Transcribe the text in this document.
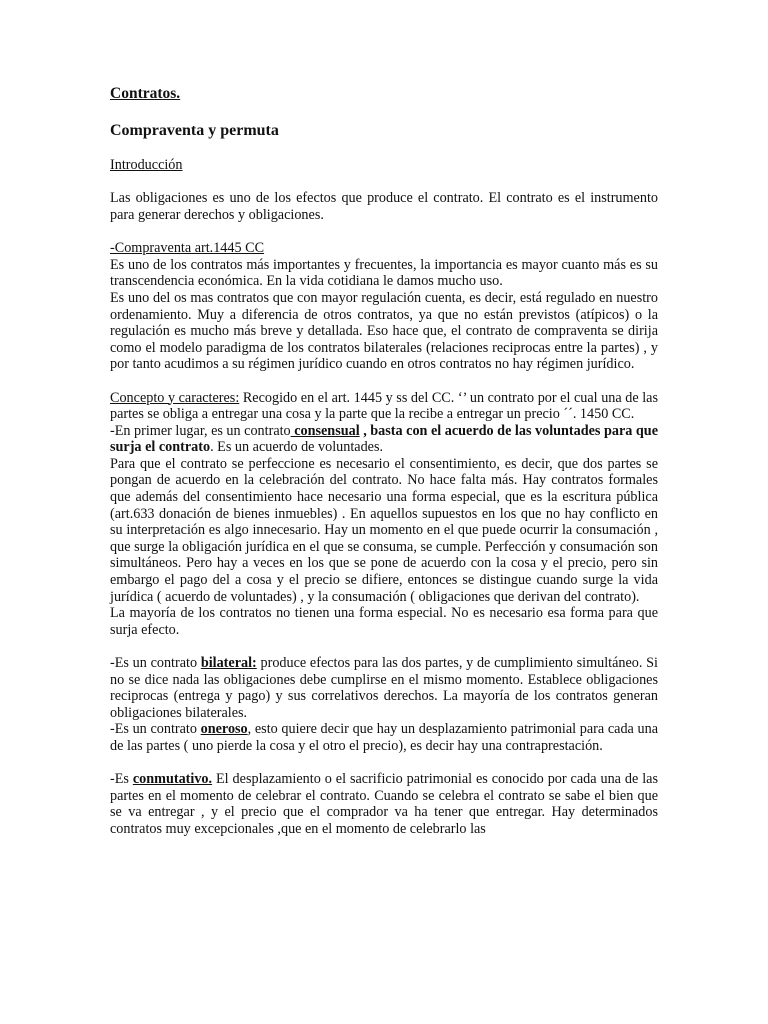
Contratos.
Compraventa y permuta

Introducción

Las obligaciones es uno de los efectos que produce el contrato. El contrato es el instrumento para generar derechos y obligaciones.

-Compraventa art.1445 CC

Es uno de los contratos más importantes y frecuentes, la importancia es mayor cuanto más es su transcendencia económica. En la vida cotidiana le damos mucho uso.

Es uno del os mas contratos que con mayor regulación cuenta, es decir, está regulado en nuestro ordenamiento. Muy a diferencia de otros contratos, ya que no están previstos (atípicos) o la regulación es mucho más breve y detallada. Eso hace que, el contrato de compraventa se dirija como el modelo paradigma de los contratos bilaterales (relaciones reciprocas entre la partes) , y por tanto acudimos a su régimen jurídico cuando en otros contratos no hay régimen jurídico.

Concepto y caracteres: Recogido en el art. 1445 y ss del CC. ‘’ un contrato por el cual una de las partes se obliga a entregar una cosa y la parte que la recibe a entregar un precio ´´. 1450 CC.

-En primer lugar, es un contrato consensual , basta con el acuerdo de las voluntades para que surja el contrato. Es un acuerdo de voluntades.

Para que el contrato se perfeccione es necesario el consentimiento, es decir, que dos partes se pongan de acuerdo en la celebración del contrato. No hace falta más. Hay contratos formales que además del consentimiento hace necesario una forma especial, que es la escritura pública (art.633 donación de bienes inmuebles) . En aquellos supuestos en los que no hay conflicto en su interpretación es algo innecesario. Hay un momento en el que puede ocurrir la consumación , que surge la obligación jurídica en el que se consuma, se cumple. Perfección y consumación son simultáneos. Pero hay a veces en los que se pone de acuerdo con la cosa y el precio, pero sin embargo el pago del a cosa y el precio se difiere, entonces se distingue cuando surge la vida jurídica ( acuerdo de voluntades) , y la consumación ( obligaciones que derivan del contrato).

La mayoría de los contratos no tienen una forma especial. No es necesario esa forma para que surja efecto.

-Es un contrato bilateral: produce efectos para las dos partes, y de cumplimiento simultáneo. Si no se dice nada las obligaciones debe cumplirse en el mismo momento. Establece obligaciones reciprocas (entrega y pago) y sus correlativos derechos. La mayoría de los contratos generan obligaciones bilaterales.

-Es un contrato oneroso, esto quiere decir que hay un desplazamiento patrimonial para cada una de las partes ( uno pierde la cosa y el otro el precio), es decir hay una contraprestación.

-Es conmutativo. El desplazamiento o el sacrificio patrimonial es conocido por cada una de las partes en el momento de celebrar el contrato. Cuando se celebra el contrato se sabe el bien que se va entregar , y el precio que el comprador va ha tener que entregar. Hay determinados contratos muy excepcionales ,que en el momento de celebrarlo las
